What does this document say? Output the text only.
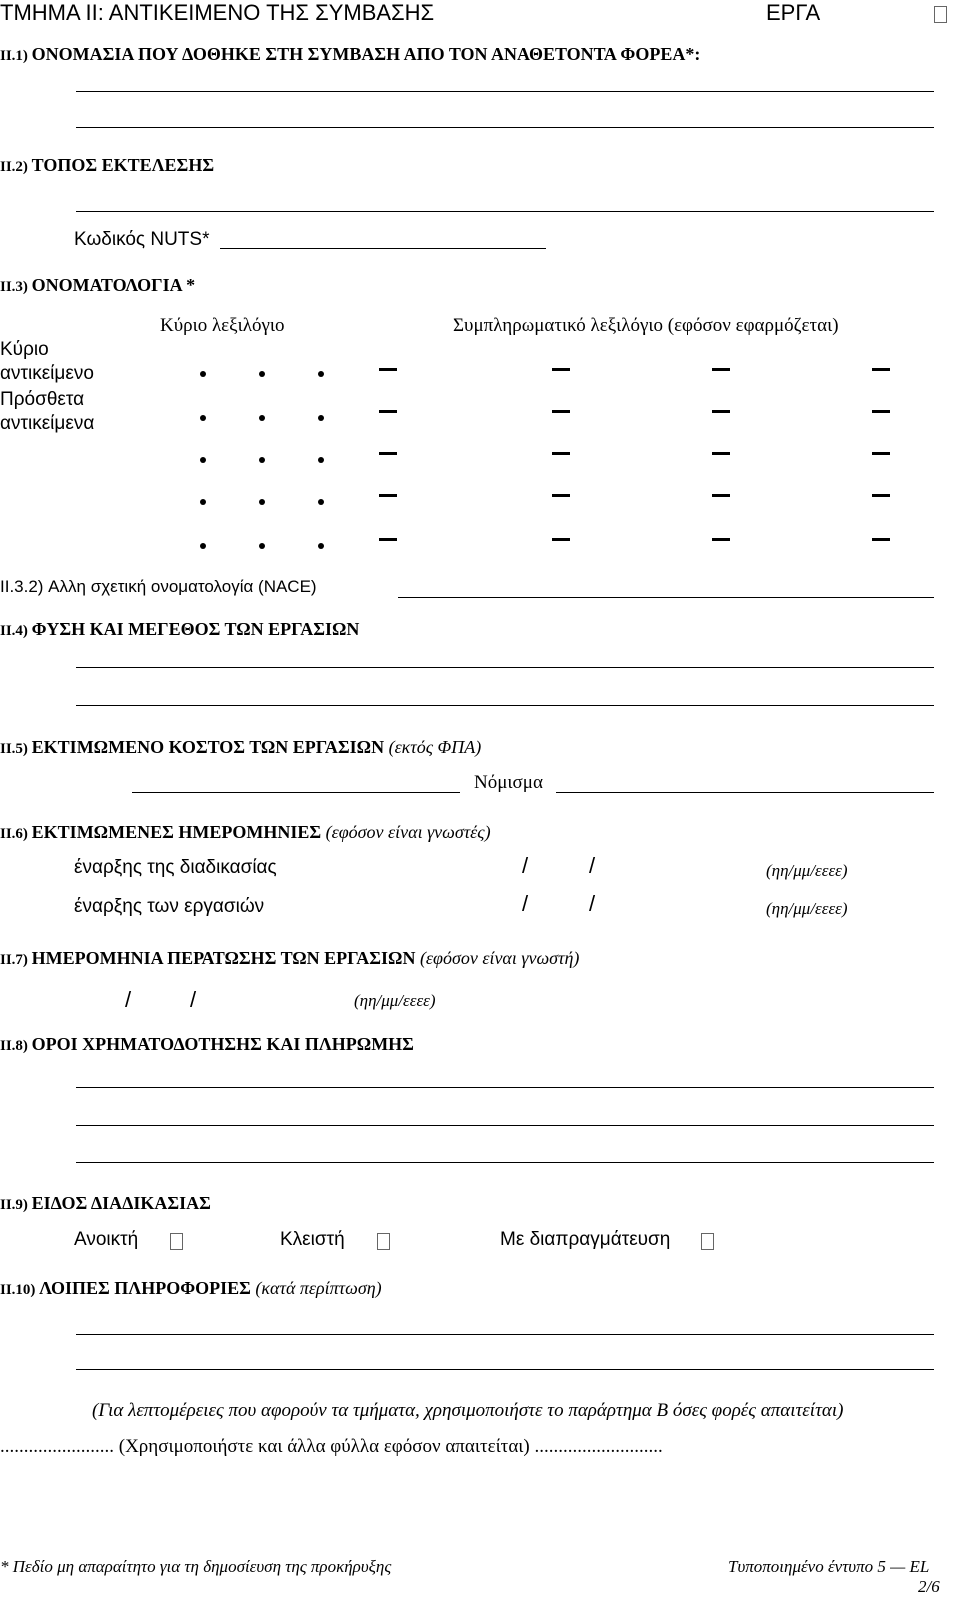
ΤΜΗΜΑ ΙΙ: ΑΝΤΙΚΕΙΜΕΝΟ ΤΗΣ ΣΥΜΒΑΣΗΣ	ΕΡΓΑ
II.1) ΟΝΟΜΑΣΙΑ ΠΟΥ ΔΟΘΗΚΕ ΣΤΗ ΣΥΜΒΑΣΗ ΑΠΟ ΤΟΝ ΑΝΑΘΕΤΟΝΤΑ ΦΟΡΕΑ*:
II.2) ΤΟΠΟΣ ΕΚΤΕΛΕΣΗΣ
Κωδικός NUTS*
II.3) ΟΝΟΜΑΤΟΛΟΓΙΑ *
Κύριο λεξιλόγιο	Συμπληρωματικό λεξιλόγιο (εφόσον εφαρμόζεται)
Κύριο
αντικείμενο
Πρόσθετα
αντικείμενα
II.3.2) Αλλη σχετική ονοματολογία (NACE)
II.4) ΦΥΣΗ ΚΑΙ ΜΕΓΕΘΟΣ ΤΩΝ ΕΡΓΑΣΙΩΝ
II.5) ΕΚΤΙΜΩΜΕΝΟ ΚΟΣΤΟΣ ΤΩΝ ΕΡΓΑΣΙΩΝ (εκτός ΦΠΑ)
Νόμισμα
II.6) ΕΚΤΙΜΩΜΕΝΕΣ ΗΜΕΡΟΜΗΝΙΕΣ (εφόσον είναι γνωστές)
έναρξης της διαδικασίας	/	/	(ηη/μμ/εεεε)
έναρξης των εργασιών	/	/	(ηη/μμ/εεεε)
II.7) ΗΜΕΡΟΜΗΝΙΑ ΠΕΡΑΤΩΣΗΣ ΤΩΝ ΕΡΓΑΣΙΩΝ (εφόσον είναι γνωστή)
/	/	(ηη/μμ/εεεε)
II.8) ΟΡΟΙ ΧΡΗΜΑΤΟΔΟΤΗΣΗΣ ΚΑΙ ΠΛΗΡΩΜΗΣ
II.9) ΕΙΔΟΣ ΔΙΑΔΙΚΑΣΙΑΣ
Ανοικτή	Κλειστή	Με διαπραγμάτευση
II.10) ΛΟΙΠΕΣ ΠΛΗΡΟΦΟΡΙΕΣ (κατά περίπτωση)
(Για λεπτομέρειες που αφορούν τα τμήματα, χρησιμοποιήστε το παράρτημα Β όσες φορές απαιτείται)
........................ (Χρησιμοποιήστε και άλλα φύλλα εφόσον απαιτείται) ...........................
* Πεδίο μη απαραίτητο για τη δημοσίευση της προκήρυξης	Τυποποιημένο έντυπο 5 — EL
2/6
